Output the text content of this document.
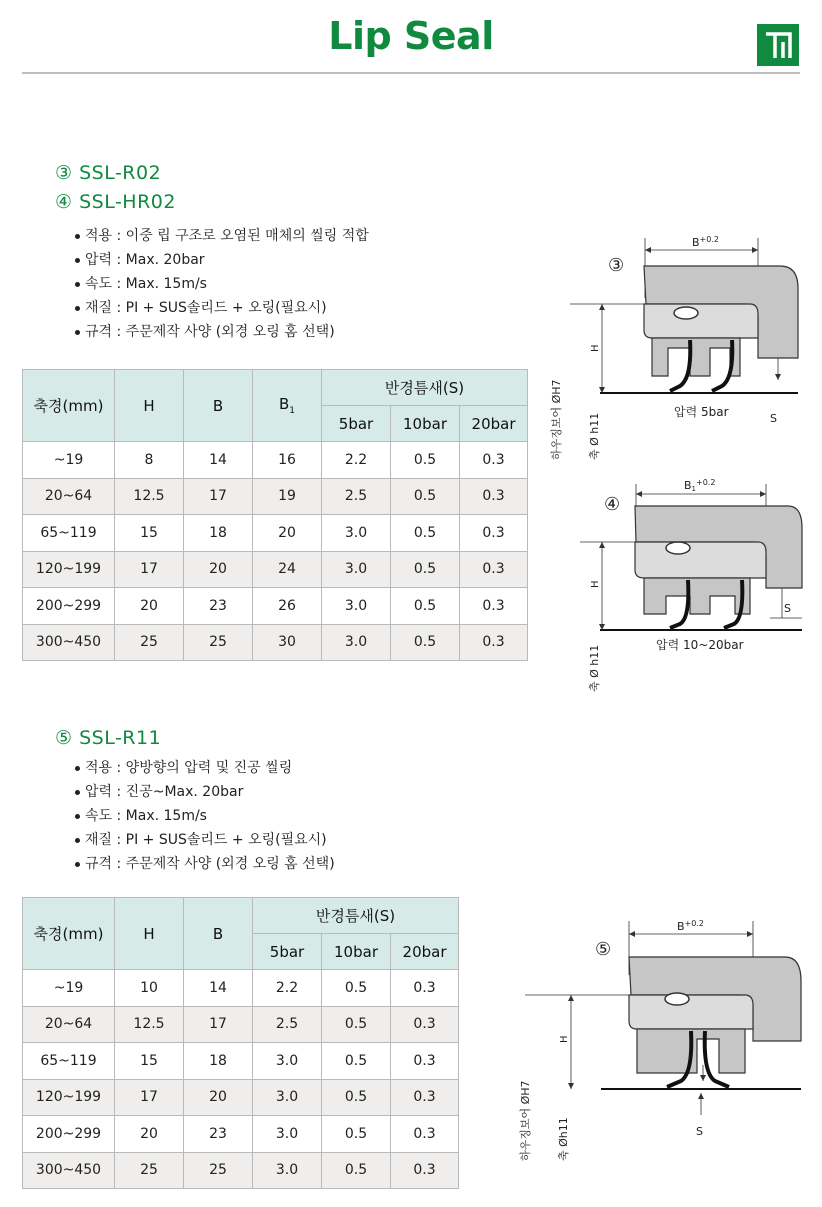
Lip Seal
③ SSL-R02
④ SSL-HR02
적용 : 이중 립 구조로 오염된 매체의 씰링 적합
압력 : Max. 20bar
속도 : Max. 15m/s
재질 : PI + SUS솔리드 + 오링(필요시)
규격 : 주문제작 사양 (외경 오링 홈 선택)
축경(mm)	H	B	$B_1$	반경틈새(S)		
				5bar	10bar	20bar
~19	8	14	16	2.2	0.5	0.3
20~64	12.5	17	19	2.5	0.5	0.3
65~119	15	18	20	3.0	0.5	0.3
120~199	17	20	24	3.0	0.5	0.3
200~299	20	23	26	3.0	0.5	0.3
300~450	25	25	30	3.0	0.5	0.3
$B^{+0.2}$
③
H
S
압력 5bar
하우징보어 ØH7 축 Ø h11
$B1^{+0.2}$
④
H
S
압력 10~20bar
축 Ø h11
⑤ SSL-R11
적용 : 양방향의 압력 및 진공 씰링
압력 : 진공~Max. 20bar
속도 : Max. 15m/s
재질 : PI + SUS솔리드 + 오링(필요시)
규격 : 주문제작 사양 (외경 오링 홈 선택)
축경(mm)	H	B	반경틈새(S)		
			5bar	10bar	20bar
~19	10	14	2.2	0.5	0.3
20~64	12.5	17	2.5	0.5	0.3
65~119	15	18	3.0	0.5	0.3
120~199	17	20	3.0	0.5	0.3
200~299	20	23	3.0	0.5	0.3
300~450	25	25	3.0	0.5	0.3
$B^{+0.2}$
⑤
S
H
하우징보어 ØH7 축 Øh11
